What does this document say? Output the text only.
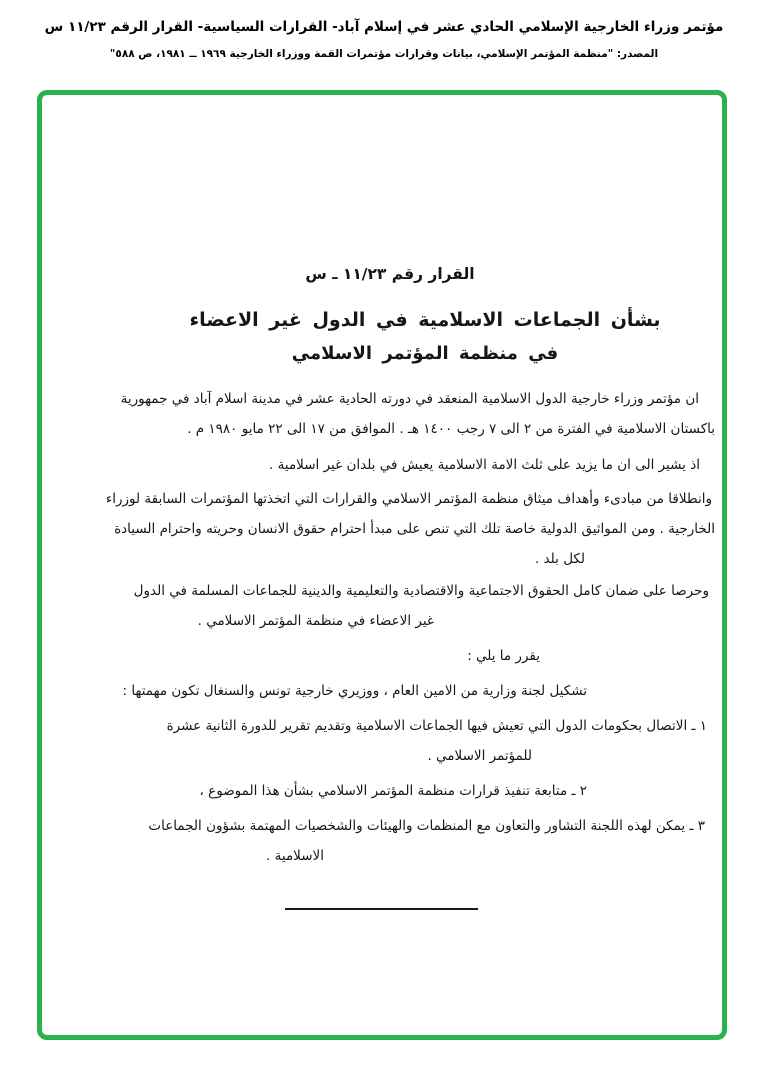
مؤتمر وزراء الخارجية الإسلامي الحادي عشر في إسلام آباد- القرارات السياسية- القرار الرقم ١١/٢٣ س
المصدر: "منظمة المؤتمر الإسلامي، بيانات وقرارات مؤتمرات القمة ووزراء الخارجية ١٩٦٩ ــ ١٩٨١، ص ٥٨٨"
القرار رقم ١١/٢٣ ـ س
بشأن الجماعات الاسلامية في الدول غير الاعضاء
في منظمة المؤتمر الاسلامي
ان مؤتمر وزراء خارجية الدول الاسلامية المنعقد في دورته الحادية عشر في مدينة اسلام آباد في جمهورية
باكستان الاسلامية في الفترة من ٢ الى ٧ رجب ١٤٠٠ هـ . الموافق من ١٧ الى ٢٢ مايو ١٩٨٠ م .
اذ يشير الى ان ما يزيد على ثلث الامة الاسلامية يعيش في بلدان غير اسلامية .
وانطلاقا من مبادىء وأهداف ميثاق منظمة المؤتمر الاسلامي والقرارات التي اتخذتها المؤتمرات السابقة لوزراء
الخارجية . ومن المواثيق الدولية خاصة تلك التي تنص على مبدأ احترام حقوق الانسان وحريته واحترام السيادة
لكل بلد .
وحرصا على ضمان كامل الحقوق الاجتماعية والاقتصادية والتعليمية والدينية للجماعات المسلمة في الدول
غير الاعضاء في منظمة المؤتمر الاسلامي .
يقرر ما يلي :
تشكيل لجنة وزارية من الامين العام ، ووزيري خارجية تونس والسنغال تكون مهمتها :
١ ـ الاتصال بحكومات الدول التي تعيش فيها الجماعات الاسلامية وتقديم تقرير للدورة الثانية عشرة
للمؤتمر الاسلامي .
٢ ـ متابعة تنفيذ قرارات منظمة المؤتمر الاسلامي بشأن هذا الموضوع ،
٣ ـ يمكن لهذه اللجنة التشاور والتعاون مع المنظمات والهيئات والشخصيات المهتمة بشؤون الجماعات
الاسلامية .
